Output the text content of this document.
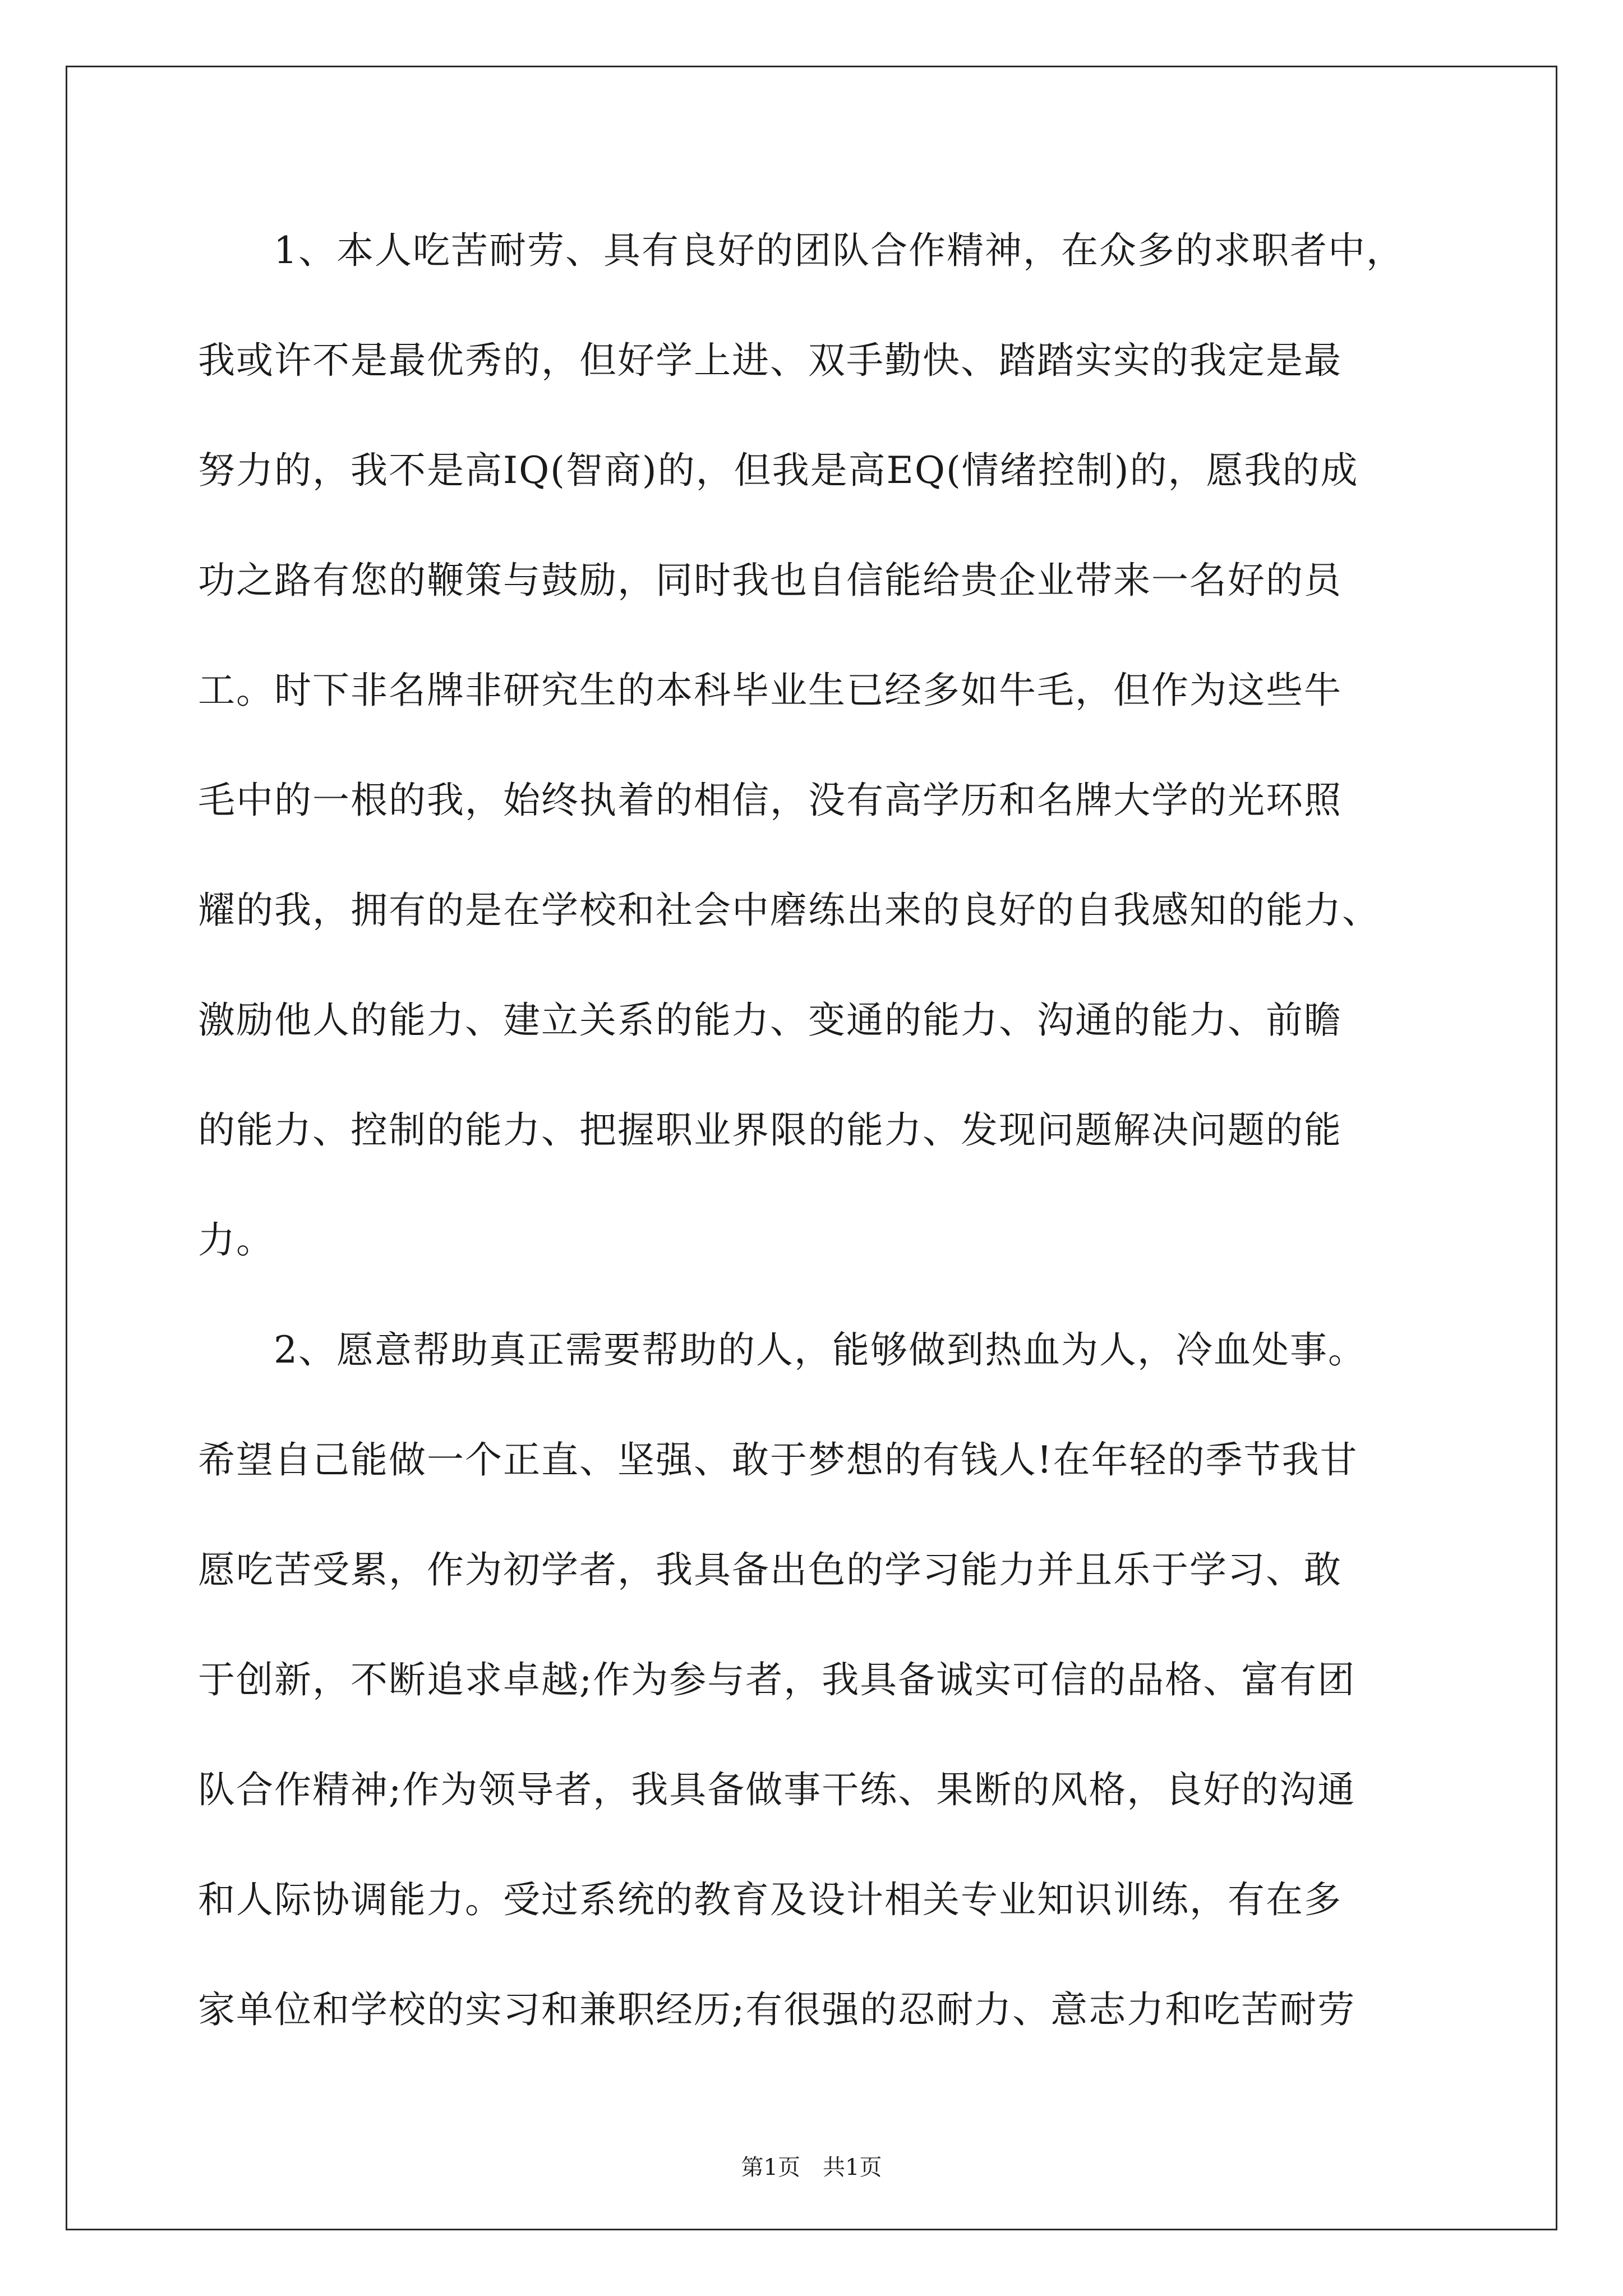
1、本人吃苦耐劳、具有良好的团队合作精神，在众多的求职者中，
我或许不是最优秀的，但好学上进、双手勤快、踏踏实实的我定是最
努力的，我不是高IQ(智商)的，但我是高EQ(情绪控制)的，愿我的成
功之路有您的鞭策与鼓励，同时我也自信能给贵企业带来一名好的员
工。时下非名牌非研究生的本科毕业生已经多如牛毛，但作为这些牛
毛中的一根的我，始终执着的相信，没有高学历和名牌大学的光环照
耀的我，拥有的是在学校和社会中磨练出来的良好的自我感知的能力、
激励他人的能力、建立关系的能力、变通的能力、沟通的能力、前瞻
的能力、控制的能力、把握职业界限的能力、发现问题解决问题的能
力。
2、愿意帮助真正需要帮助的人，能够做到热血为人，冷血处事。
希望自己能做一个正直、坚强、敢于梦想的有钱人!在年轻的季节我甘
愿吃苦受累，作为初学者，我具备出色的学习能力并且乐于学习、敢
于创新，不断追求卓越;作为参与者，我具备诚实可信的品格、富有团
队合作精神;作为领导者，我具备做事干练、果断的风格，良好的沟通
和人际协调能力。受过系统的教育及设计相关专业知识训练，有在多
家单位和学校的实习和兼职经历;有很强的忍耐力、意志力和吃苦耐劳
第1页　共1页
